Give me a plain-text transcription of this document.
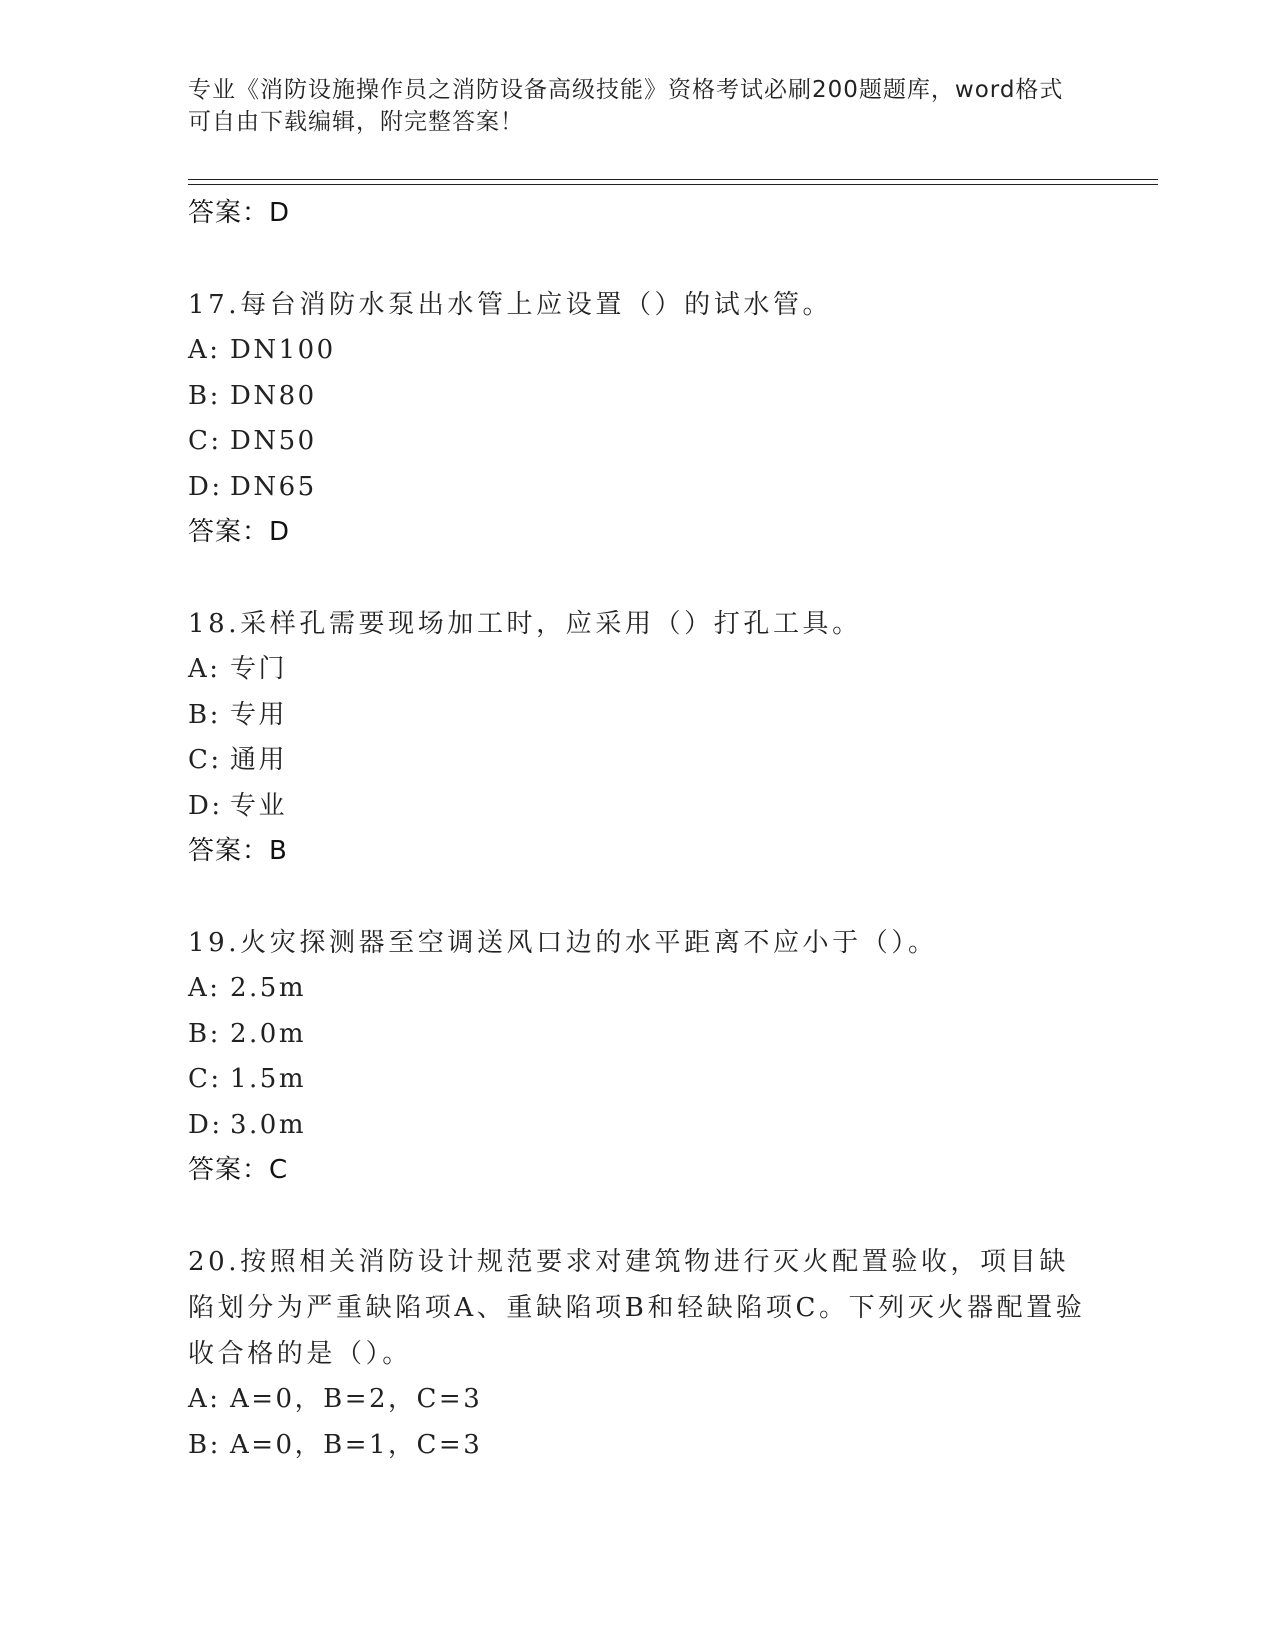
专业《消防设施操作员之消防设备高级技能》资格考试必刷200题题库，word格式可自由下载编辑，附完整答案！
答案：D

17.每台消防水泵出水管上应设置（）的试水管。

A: DN100
B: DN80
C: DN50
D: DN65
答案：D

18.采样孔需要现场加工时，应采用（）打孔工具。

A: 专门
B: 专用
C: 通用
D: 专业
答案：B

19.火灾探测器至空调送风口边的水平距离不应小于（）。

A: 2.5m
B: 2.0m
C: 1.5m
D: 3.0m
答案：C

20.按照相关消防设计规范要求对建筑物进行灭火配置验收，项目缺陷划分为严重缺陷项A、重缺陷项B和轻缺陷项C。下列灭火器配置验收合格的是（）。

A: A=0，B=2，C=3
B: A=0，B=1，C=3
